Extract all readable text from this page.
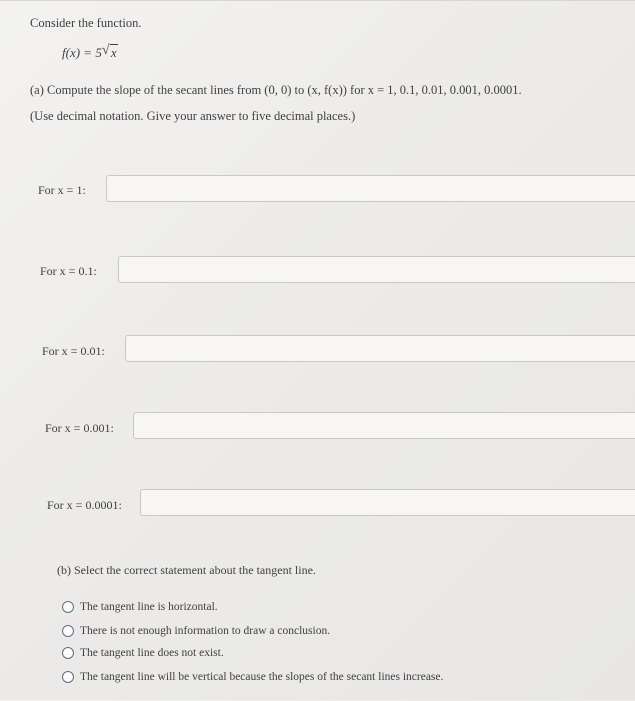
Consider the function.
f(x) = 5 √ x
(a) Compute the slope of the secant lines from (0, 0) to (x, f(x)) for x = 1, 0.1, 0.01, 0.001, 0.0001.
(Use decimal notation. Give your answer to five decimal places.)
For x = 1:
For x = 0.1:
For x = 0.01:
For x = 0.001:
For x = 0.0001:
(b) Select the correct statement about the tangent line.
The tangent line is horizontal.
There is not enough information to draw a conclusion.
The tangent line does not exist.
The tangent line will be vertical because the slopes of the secant lines increase.
